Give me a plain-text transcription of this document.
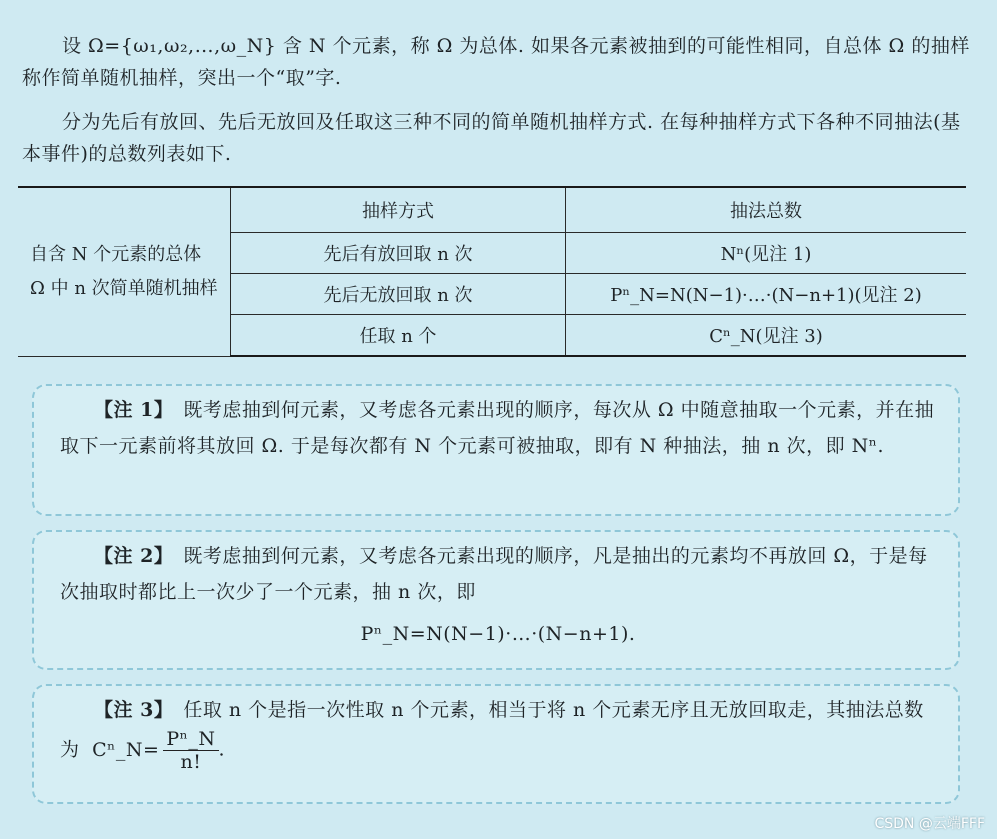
设 Ω={ω₁,ω₂,…,ω_N} 含 N 个元素，称 Ω 为总体. 如果各元素被抽到的可能性相同，自总体 Ω 的抽样称作简单随机抽样，突出一个“取”字.
分为先后有放回、先后无放回及任取这三种不同的简单随机抽样方式. 在每种抽样方式下各种不同抽法(基本事件)的总数列表如下.
自含 N 个元素的总体 Ω 中 n 次简单随机抽样	抽样方式	抽法总数
	先后有放回取 n 次	Nⁿ(见注 1)
	先后无放回取 n 次	Pⁿ_N=N(N−1)·…·(N−n+1)(见注 2)
	任取 n 个	Cⁿ_N(见注 3)
【注 1】 既考虑抽到何元素，又考虑各元素出现的顺序，每次从 Ω 中随意抽取一个元素，并在抽取下一元素前将其放回 Ω. 于是每次都有 N 个元素可被抽取，即有 N 种抽法，抽 n 次，即 Nⁿ.
【注 2】 既考虑抽到何元素，又考虑各元素出现的顺序，凡是抽出的元素均不再放回 Ω，于是每次抽取时都比上一次少了一个元素，抽 n 次，即
Pⁿ_N=N(N−1)·…·(N−n+1).
【注 3】 任取 n 个是指一次性取 n 个元素，相当于将 n 个元素无序且无放回取走，其抽法总数为 Cⁿ_N= $\frac{\text{Pⁿ\_N}}{n!}$ .
CSDN @云端FFF
